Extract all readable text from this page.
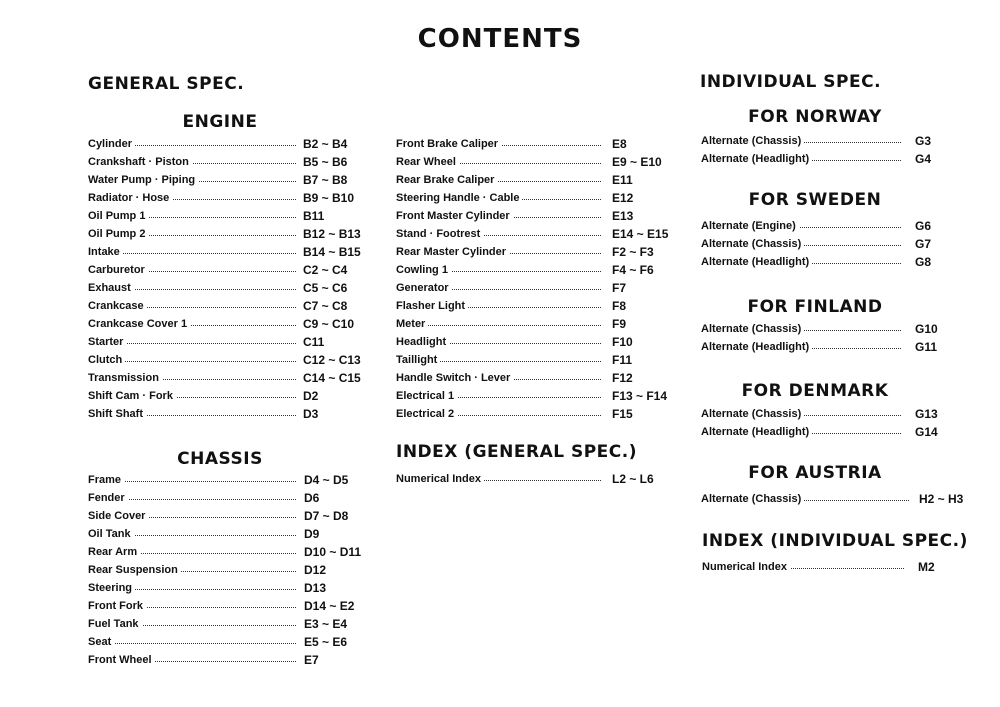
CONTENTS
GENERAL SPEC.
ENGINE
Cylinder	B2 ~ B4
Crankshaft · Piston	B5 ~ B6
Water Pump · Piping	B7 ~ B8
Radiator · Hose	B9 ~ B10
Oil Pump 1	B11
Oil Pump 2	B12 ~ B13
Intake	B14 ~ B15
Carburetor	C2 ~ C4
Exhaust	C5 ~ C6
Crankcase	C7 ~ C8
Crankcase Cover 1	C9 ~ C10
Starter	C11
Clutch	C12 ~ C13
Transmission	C14 ~ C15
Shift Cam · Fork	D2
Shift Shaft	D3
CHASSIS
Frame	D4 ~ D5
Fender	D6
Side Cover	D7 ~ D8
Oil Tank	D9
Rear Arm	D10 ~ D11
Rear Suspension	D12
Steering	D13
Front Fork	D14 ~ E2
Fuel Tank	E3 ~ E4
Seat	E5 ~ E6
Front Wheel	E7
Front Brake Caliper	E8
Rear Wheel	E9 ~ E10
Rear Brake Caliper	E11
Steering Handle · Cable	E12
Front Master Cylinder	E13
Stand · Footrest	E14 ~ E15
Rear Master Cylinder	F2 ~ F3
Cowling 1	F4 ~ F6
Generator	F7
Flasher Light	F8
Meter	F9
Headlight	F10
Taillight	F11
Handle Switch · Lever	F12
Electrical 1	F13 ~ F14
Electrical 2	F15
INDEX (GENERAL SPEC.)
Numerical Index	L2 ~ L6
INDIVIDUAL SPEC.
FOR NORWAY
Alternate (Chassis)	G3
Alternate (Headlight)	G4
FOR SWEDEN
Alternate (Engine)	G6
Alternate (Chassis)	G7
Alternate (Headlight)	G8
FOR FINLAND
Alternate (Chassis)	G10
Alternate (Headlight)	G11
FOR DENMARK
Alternate (Chassis)	G13
Alternate (Headlight)	G14
FOR AUSTRIA
Alternate (Chassis)	H2 ~ H3
INDEX (INDIVIDUAL SPEC.)
Numerical Index	M2
